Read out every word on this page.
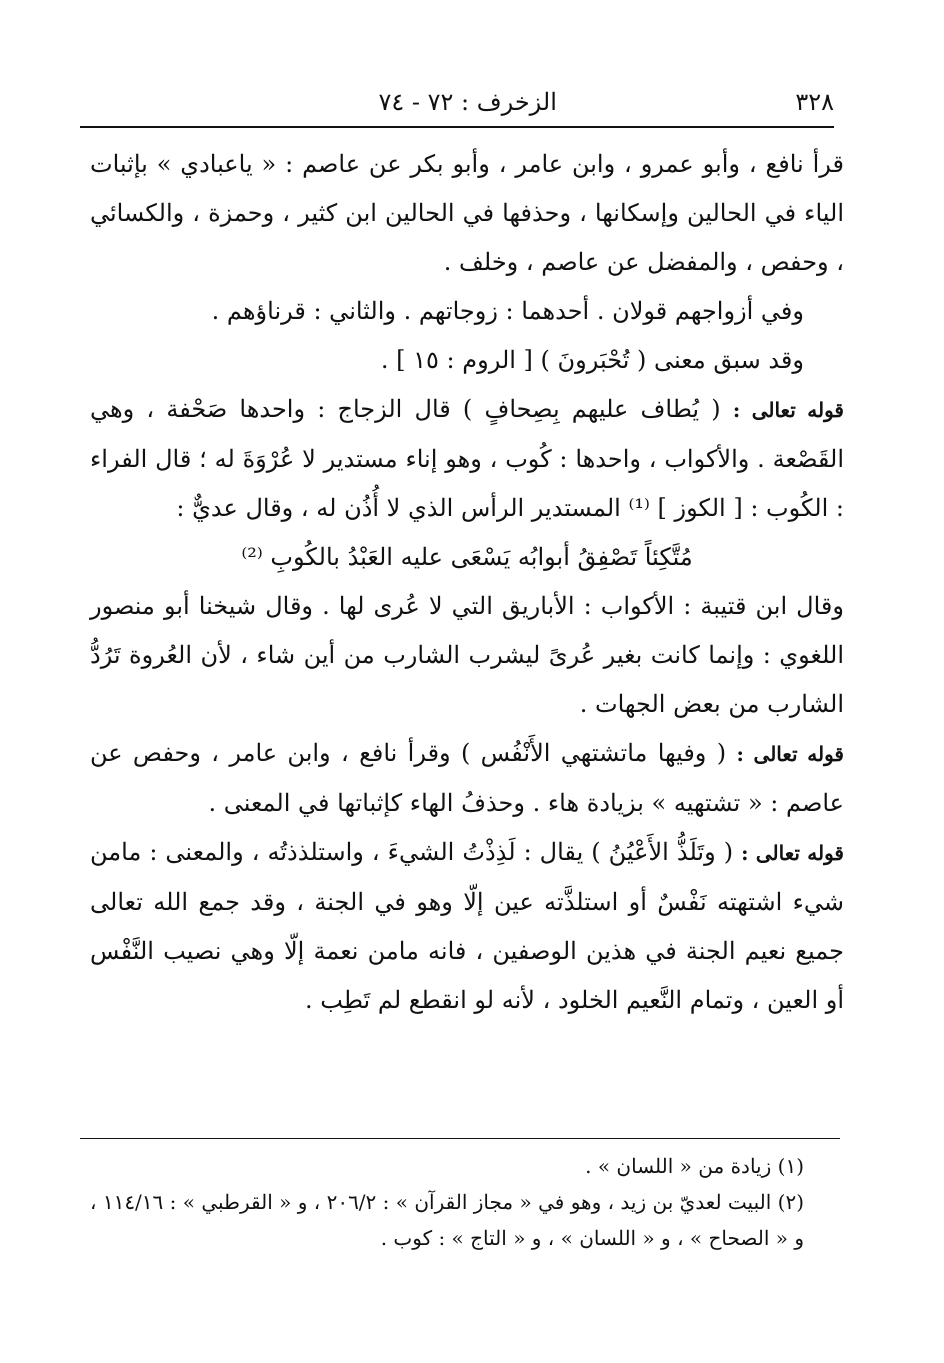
٣٢٨
الزخرف : ٧٢ - ٧٤

قرأ نافع ، وأبو عمرو ، وابن عامر ، وأبو بكر عن عاصم : « ياعبادي » بإثبات الياء في الحالين وإسكانها ، وحذفها في الحالين ابن كثير ، وحمزة ، والكسائي ، وحفص ، والمفضل عن عاصم ، وخلف .

وفي أزواجهم قولان . أحدهما : زوجاتهم . والثاني : قرناؤهم .

وقد سبق معنى ( تُحْبَرونَ ) [ الروم : ١٥ ] .

قوله تعالى : ( يُطاف عليهم بِصِحافٍ ) قال الزجاج : واحدها صَحْفة ، وهي القَصْعة . والأكواب ، واحدها : كُوب ، وهو إناء مستدير لا عُرْوَةَ له ؛ قال الفراء : الكُوب : [ الكوز ] ⁽¹⁾ المستدير الرأس الذي لا أُذُن له ، وقال عديٌّ :

مُتَّكِئاً تَصْفِقُ أبوابُه يَسْعَى عليه العَبْدُ بالكُوبِ ⁽²⁾

وقال ابن قتيبة : الأكواب : الأباريق التي لا عُرى لها . وقال شيخنا أبو منصور اللغوي : وإنما كانت بغير عُرىً ليشرب الشارب من أين شاء ، لأن العُروة تَرُدُّ الشارب من بعض الجهات .

قوله تعالى : ( وفيها ماتشتهي الأَنْفُس ) وقرأ نافع ، وابن عامر ، وحفص عن عاصم : « تشتهيه » بزيادة هاء . وحذفُ الهاء كإثباتها في المعنى .

قوله تعالى : ( وتَلَذُّ الأَعْيُنُ ) يقال : لَذِذْتُ الشيءَ ، واستلذذتُه ، والمعنى : مامن شيء اشتهته نَفْسٌ أو استلذَّته عين إلّا وهو في الجنة ، وقد جمع الله تعالى جميع نعيم الجنة في هذين الوصفين ، فانه مامن نعمة إلّا وهي نصيب النَّفْس أو العين ، وتمام النَّعيم الخلود ، لأنه لو انقطع لم تَطِب .

(١) زيادة من « اللسان » .

(٢) البيت لعديّ بن زيد ، وهو في « مجاز القرآن » : ٢٠٦/٢ ، و « القرطبي » : ١١٤/١٦ ، و « الصحاح » ، و « اللسان » ، و « التاج » : كوب .
